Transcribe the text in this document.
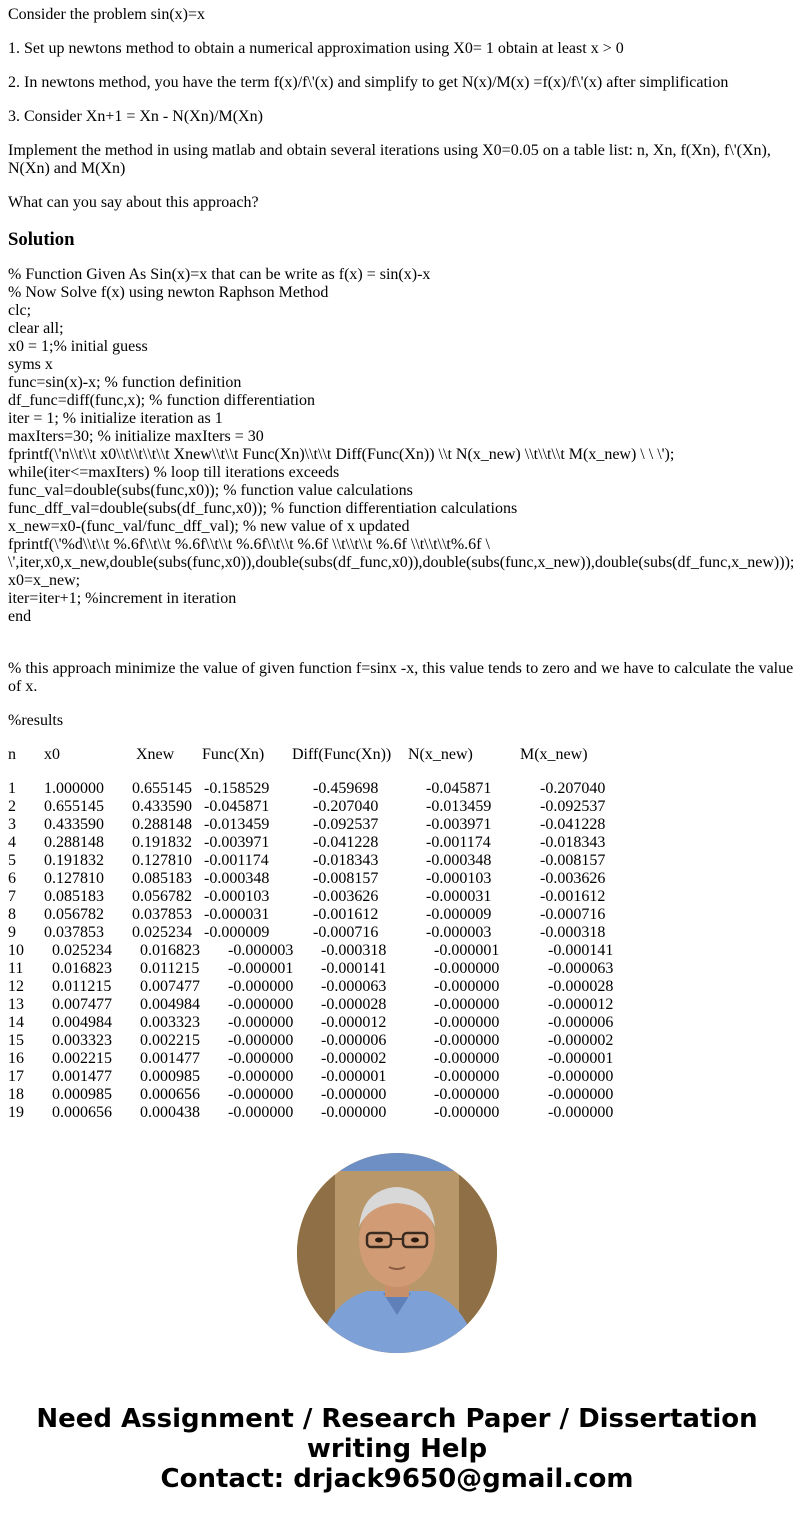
Consider the problem sin(x)=x

1. Set up newtons method to obtain a numerical approximation using X0= 1 obtain at least x > 0

2. In newtons method, you have the term f(x)/f\'(x) and simplify to get N(x)/M(x) =f(x)/f\'(x) after simplification

3. Consider Xn+1 = Xn - N(Xn)/M(Xn)

Implement the method in using matlab and obtain several iterations using X0=0.05 on a table list: n, Xn, f(Xn), f\'(Xn), N(Xn) and M(Xn)

What can you say about this approach?

Solution
% Function Given As Sin(x)=x that can be write as f(x) = sin(x)-x
% Now Solve f(x) using newton Raphson Method
clc;
clear all;
x0 = 1;% initial guess
syms x
func=sin(x)-x; % function definition
df_func=diff(func,x); % function differentiation
iter = 1; % initialize iteration as 1
maxIters=30; % initialize maxIters = 30
fprintf(\'n\\t\\t x0\\t\\t\\t\\t Xnew\\t\\t Func(Xn)\\t\\t Diff(Func(Xn)) \\t N(x_new) \\t\\t\\t M(x_new) \ \ \');
while(iter<=maxIters) % loop till iterations exceeds
func_val=double(subs(func,x0)); % function value calculations
func_dff_val=double(subs(df_func,x0)); % function differentiation calculations
x_new=x0-(func_val/func_dff_val); % new value of x updated
fprintf(\'%d\\t\\t %.6f\\t\\t %.6f\\t\\t %.6f\\t\\t %.6f \\t\\t\\t %.6f \\t\\t\\t%.6f \
\',iter,x0,x_new,double(subs(func,x0)),double(subs(df_func,x0)),double(subs(func,x_new)),double(subs(df_func,x_new)));
x0=x_new;
iter=iter+1; %increment in iteration
end

% this approach minimize the value of given function f=sinx -x, this value tends to zero and we have to calculate the value of x.

%results

n x0	Xnew Func(Xn) Diff(Func(Xn)) N(x_new)	M(x_new)
1 1.000000 0.655145 -0.158529	-0.459698	-0.045871	-0.207040
2 0.655145 0.433590 -0.045871	-0.207040	-0.013459	-0.092537
3 0.433590 0.288148 -0.013459	-0.092537	-0.003971	-0.041228
4 0.288148 0.191832 -0.003971	-0.041228	-0.001174	-0.018343
5 0.191832 0.127810 -0.001174	-0.018343	-0.000348	-0.008157
6 0.127810 0.085183 -0.000348	-0.008157	-0.000103	-0.003626
7 0.085183 0.056782 -0.000103	-0.003626	-0.000031	-0.001612
8 0.056782 0.037853 -0.000031	-0.001612	-0.000009	-0.000716
9 0.037853 0.025234 -0.000009	-0.000716	-0.000003	-0.000318
10 0.025234 0.016823 -0.000003 -0.000318	-0.000001	-0.000141
11 0.016823 0.011215 -0.000001 -0.000141	-0.000000	-0.000063
12 0.011215 0.007477 -0.000000 -0.000063	-0.000000	-0.000028
13 0.007477 0.004984 -0.000000 -0.000028	-0.000000	-0.000012
14 0.004984 0.003323 -0.000000 -0.000012	-0.000000	-0.000006
15 0.003323 0.002215 -0.000000 -0.000006	-0.000000	-0.000002
16 0.002215 0.001477 -0.000000 -0.000002	-0.000000	-0.000001
17 0.001477 0.000985 -0.000000 -0.000001	-0.000000	-0.000000
18 0.000985 0.000656 -0.000000 -0.000000	-0.000000	-0.000000
19 0.000656 0.000438 -0.000000 -0.000000	-0.000000	-0.000000
Need Assignment / Research Paper / Dissertation
writing Help
Contact: drjack9650@gmail.com
